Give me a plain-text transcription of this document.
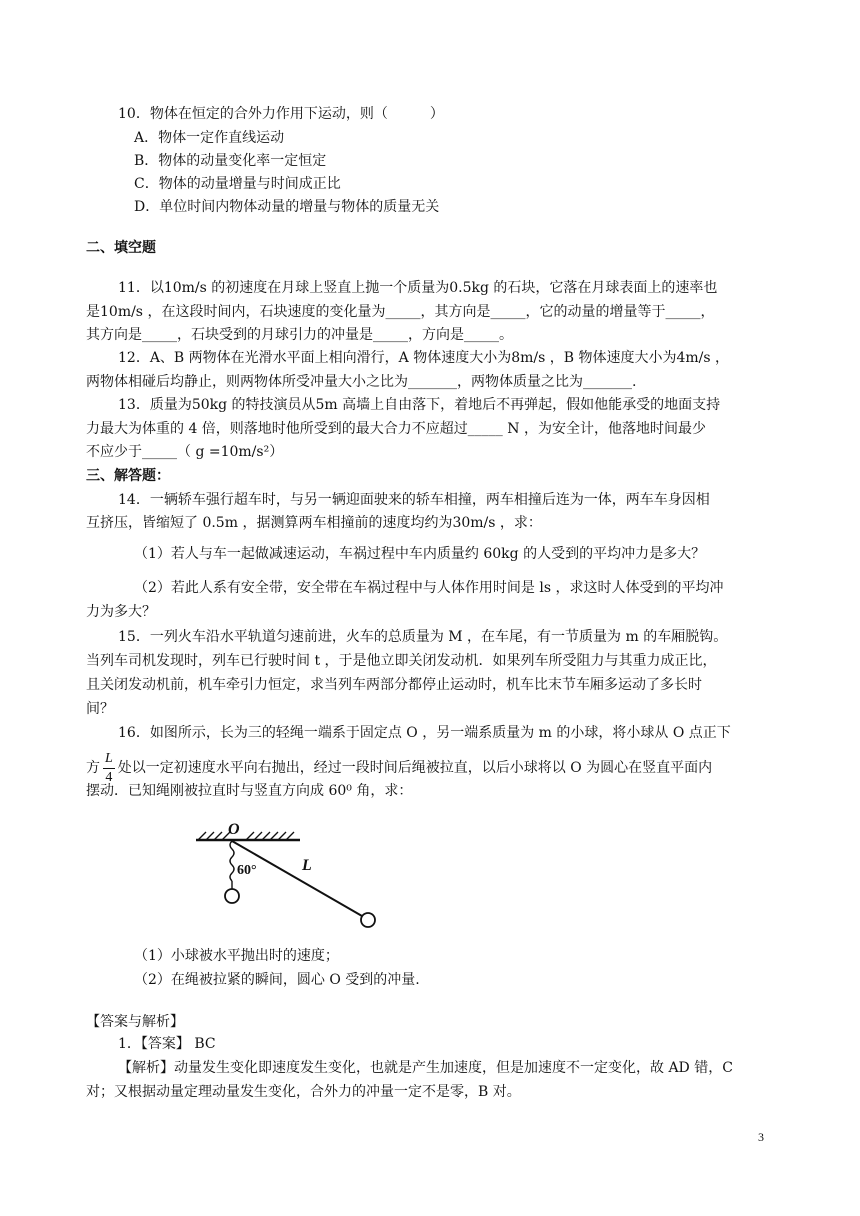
10．物体在恒定的合外力作用下运动，则（　　　）
A．物体一定作直线运动
B．物体的动量变化率一定恒定
C．物体的动量增量与时间成正比
D．单位时间内物体动量的增量与物体的质量无关
二、填空题
11．以10m/s 的初速度在月球上竖直上抛一个质量为0.5kg 的石块，它落在月球表面上的速率也
是10m/s ，在这段时间内，石块速度的变化量为_____，其方向是_____，它的动量的增量等于_____，
其方向是_____，石块受到的月球引力的冲量是_____，方向是_____。
12．A、B 两物体在光滑水平面上相向滑行，A 物体速度大小为8m/s ，B 物体速度大小为4m/s ，
两物体相碰后均静止，则两物体所受冲量大小之比为_______，两物体质量之比为_______.
13．质量为50kg 的特技演员从5m 高墙上自由落下，着地后不再弹起，假如他能承受的地面支持
力最大为体重的 4 倍，则落地时他所受到的最大合力不应超过_____ N ，为安全计，他落地时间最少
不应少于_____（ g =10m/s²）
三、解答题：
14．一辆轿车强行超车时，与另一辆迎面驶来的轿车相撞，两车相撞后连为一体，两车车身因相
互挤压，皆缩短了 0.5m ，据测算两车相撞前的速度均约为30m/s ，求：
（1）若人与车一起做减速运动，车祸过程中车内质量约 60kg 的人受到的平均冲力是多大？
（2）若此人系有安全带，安全带在车祸过程中与人体作用时间是 ls ，求这时人体受到的平均冲
力为多大？
15．一列火车沿水平轨道匀速前进，火车的总质量为 M ，在车尾，有一节质量为 m 的车厢脱钩。
当列车司机发现时，列车已行驶时间 t ，于是他立即关闭发动机．如果列车所受阻力与其重力成正比，
且关闭发动机前，机车牵引力恒定，求当列车两部分都停止运动时，机车比末节车厢多运动了多长时
间？
16．如图所示，长为三的轻绳一端系于固定点 O ，另一端系质量为 m 的小球，将小球从 O 点正下
方 $\frac{L}{4}$ 处以一定初速度水平向右抛出，经过一段时间后绳被拉直，以后小球将以 O 为圆心在竖直平面内
摆动．已知绳刚被拉直时与竖直方向成 60⁰ 角，求：
O
60°	L
（1）小球被水平抛出时的速度；
（2）在绳被拉紧的瞬间，圆心 O 受到的冲量.
【答案与解析】
1．【答案】 BC
【解析】动量发生变化即速度发生变化，也就是产生加速度，但是加速度不一定变化，故 AD 错，C
对；又根据动量定理动量发生变化，合外力的冲量一定不是零，B 对。
3
